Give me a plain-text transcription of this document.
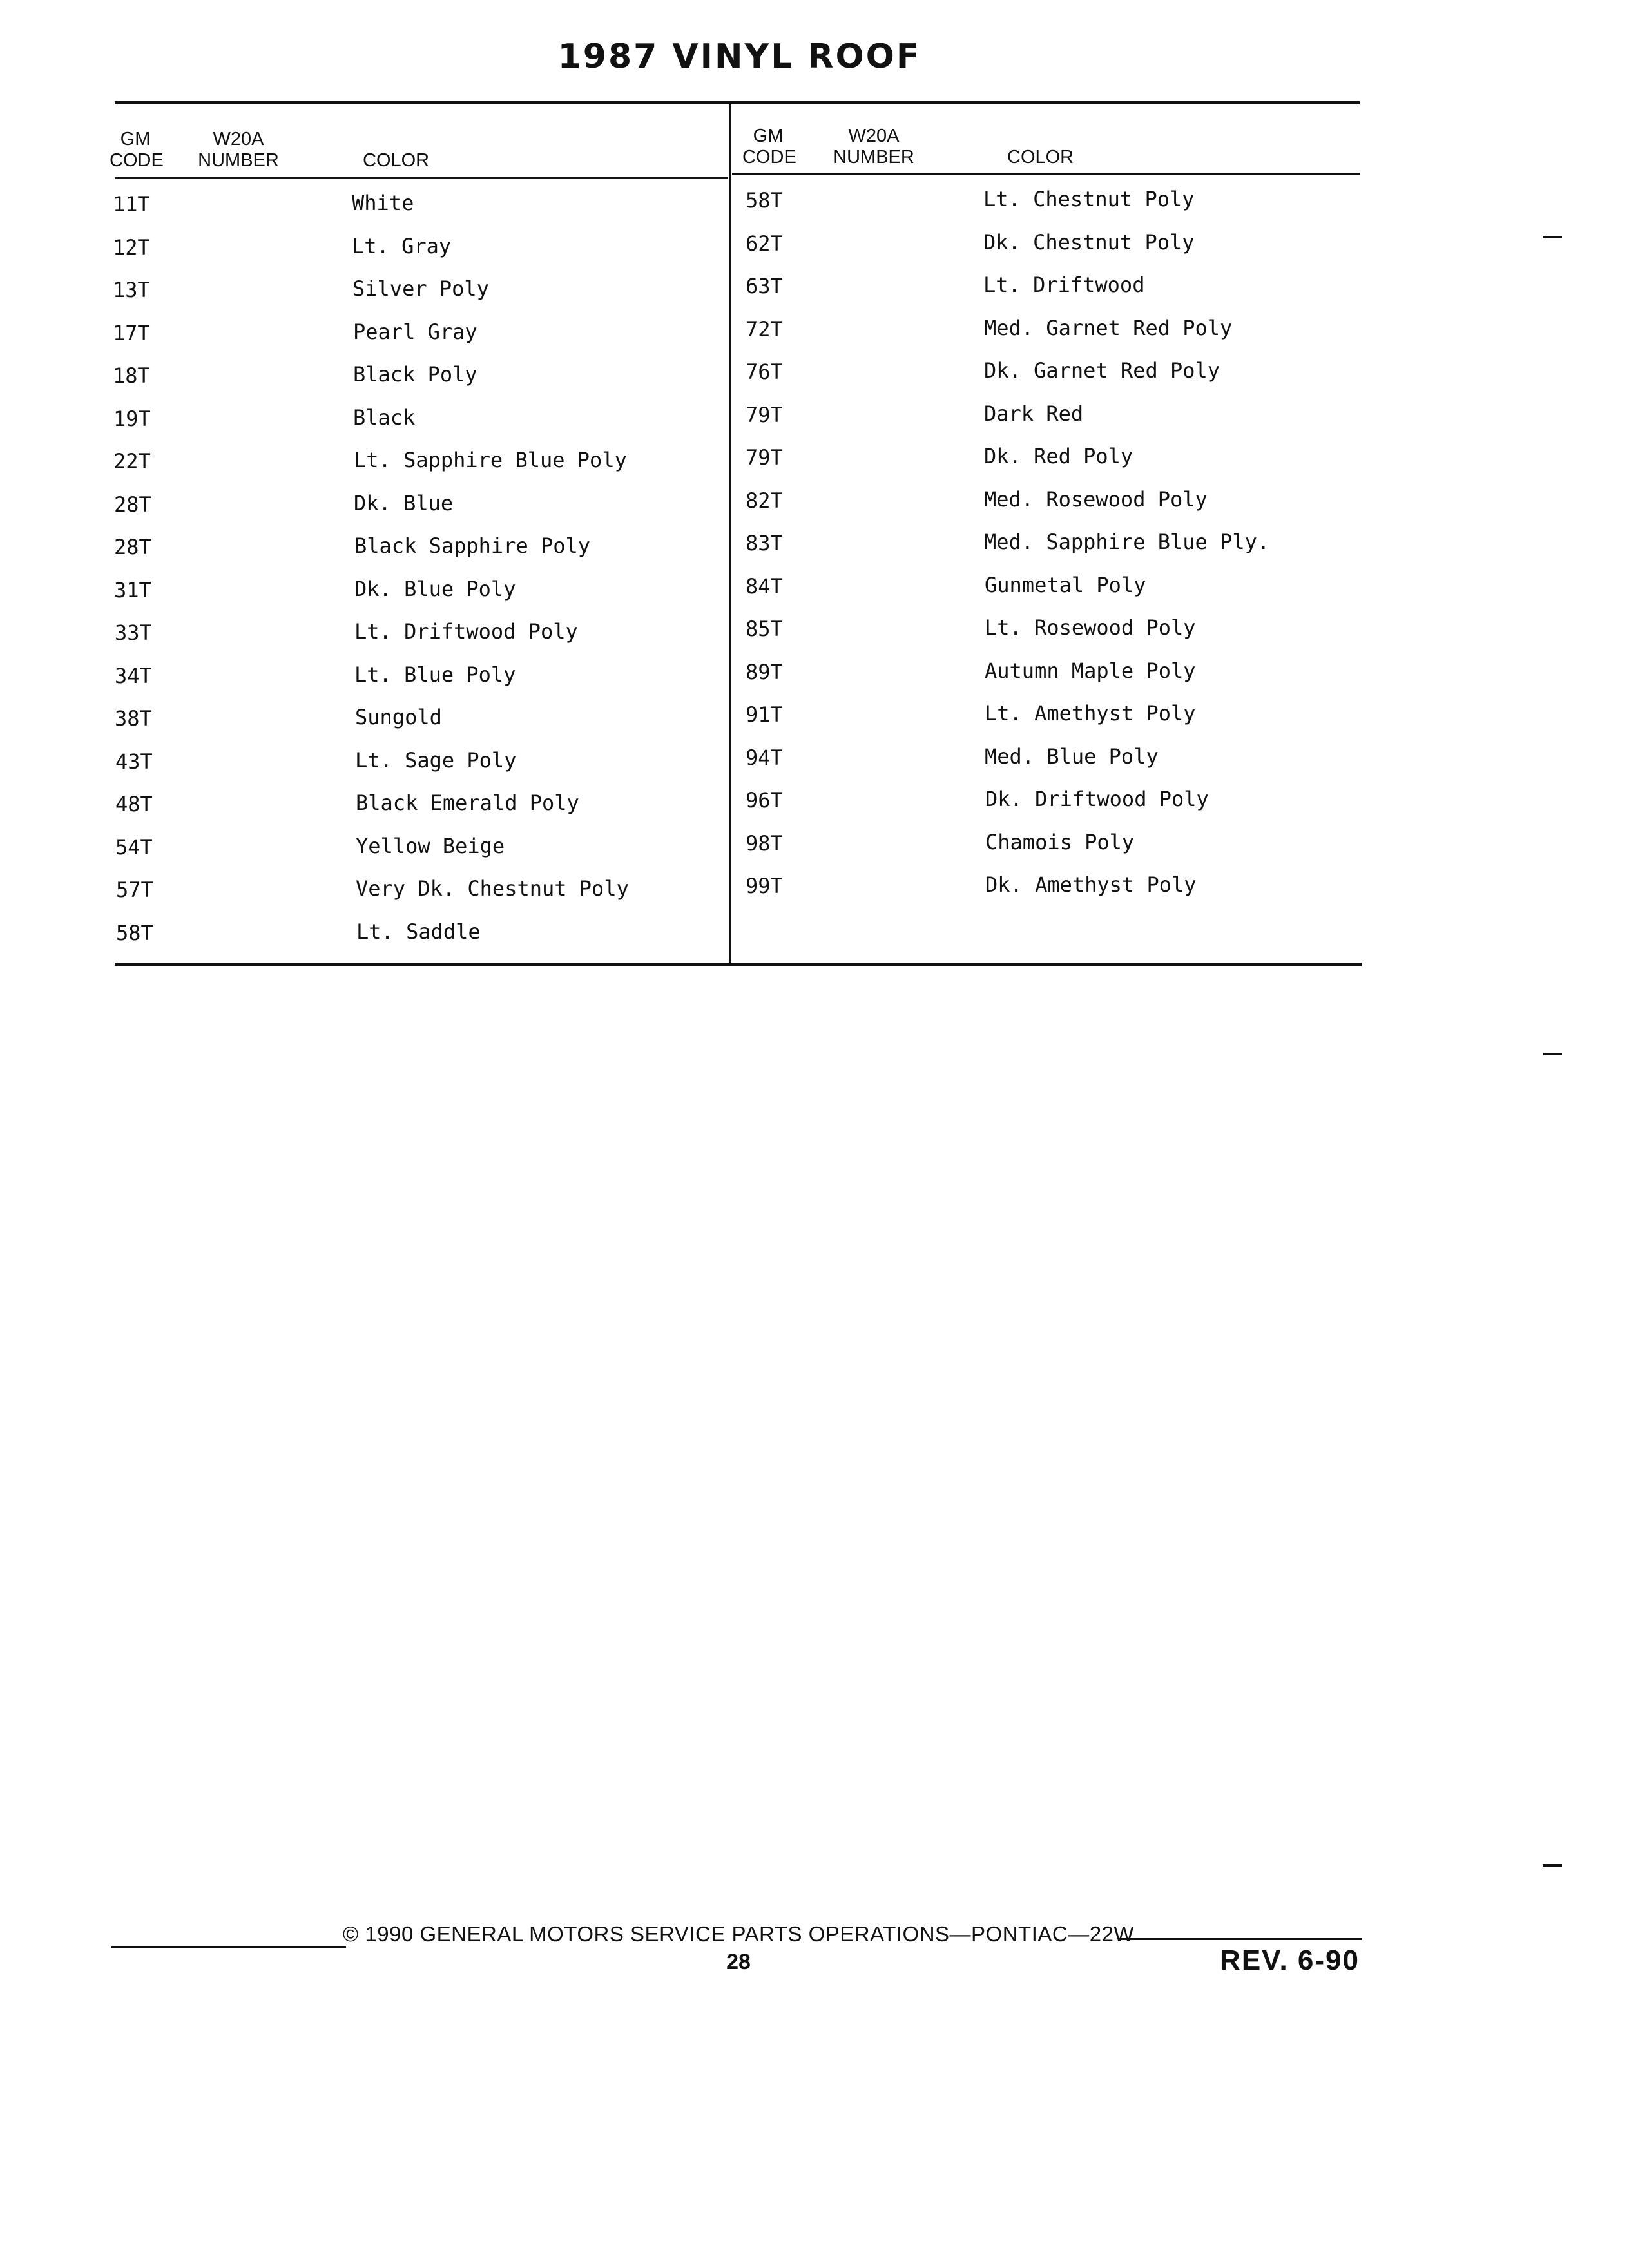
1987 VINYL ROOF
GM
CODE
W20A
NUMBER	COLOR
GM
CODE
W20A
NUMBER	COLOR
11T	White
12T	Lt. Gray
13T	Silver Poly
17T	Pearl Gray
18T	Black Poly
19T	Black
22T	Lt. Sapphire Blue Poly
28T	Dk. Blue
28T	Black Sapphire Poly
31T	Dk. Blue Poly
33T	Lt. Driftwood Poly
34T	Lt. Blue Poly
38T	Sungold
43T	Lt. Sage Poly
48T	Black Emerald Poly
54T	Yellow Beige
57T	Very Dk. Chestnut Poly
58T	Lt. Saddle
58T	Lt. Chestnut Poly
62T	Dk. Chestnut Poly
63T	Lt. Driftwood
72T	Med. Garnet Red Poly
76T	Dk. Garnet Red Poly
79T	Dark Red
79T	Dk. Red Poly
82T	Med. Rosewood Poly
83T	Med. Sapphire Blue Ply.
84T	Gunmetal Poly
85T	Lt. Rosewood Poly
89T	Autumn Maple Poly
91T	Lt. Amethyst Poly
94T	Med. Blue Poly
96T	Dk. Driftwood Poly
98T	Chamois Poly
99T	Dk. Amethyst Poly
© 1990 GENERAL MOTORS SERVICE PARTS OPERATIONS—PONTIAC—22W
28	REV. 6-90
